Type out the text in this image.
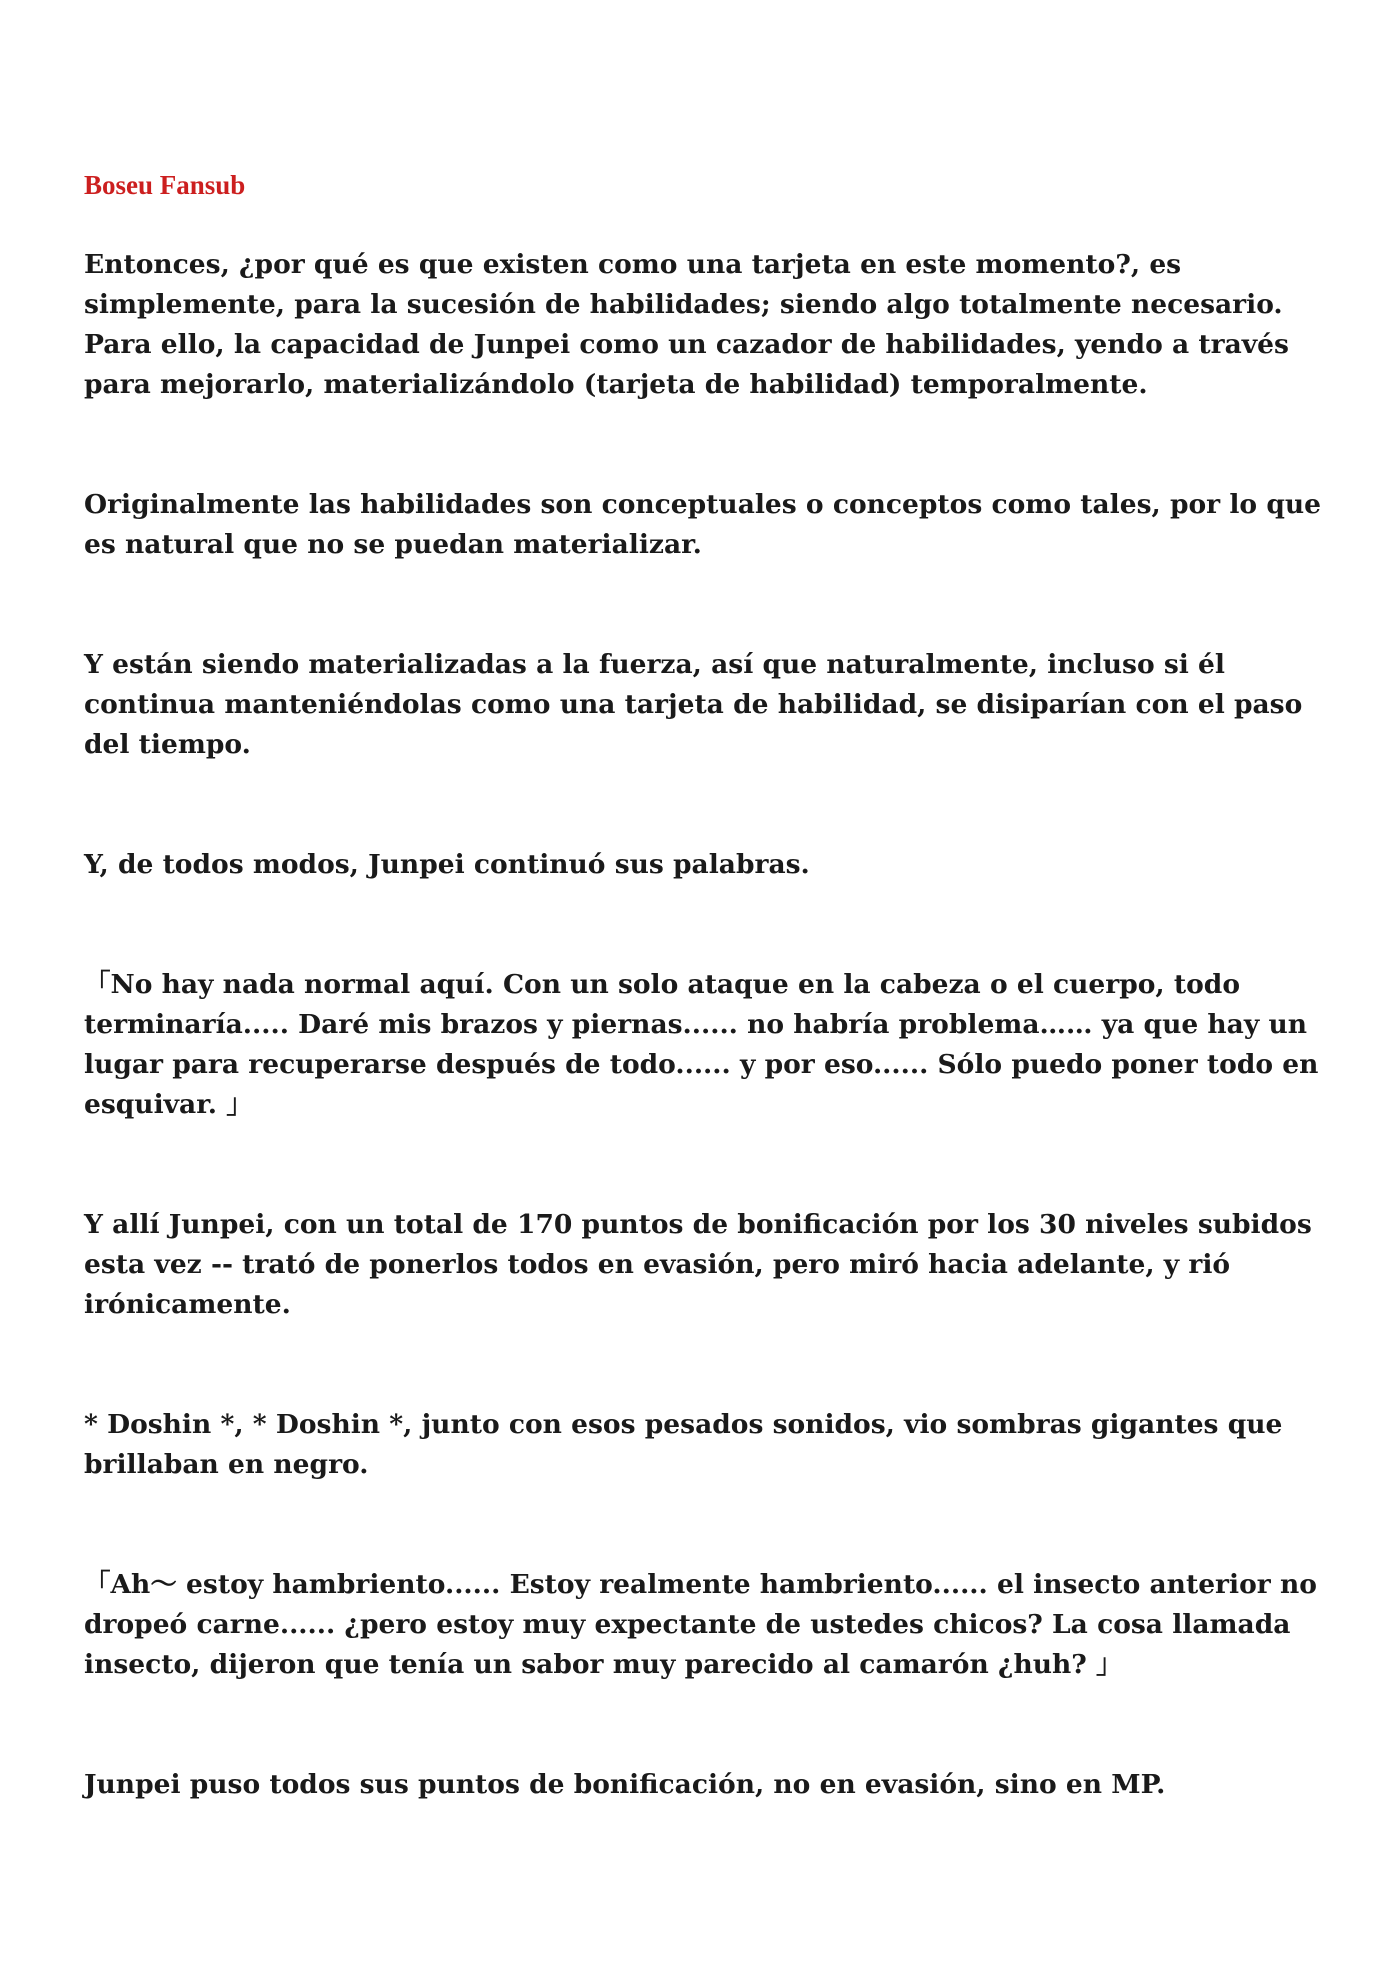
Boseu Fansub

Entonces, ¿por qué es que existen como una tarjeta en este momento?, es simplemente, para la sucesión de habilidades; siendo algo totalmente necesario. Para ello, la capacidad de Junpei como un cazador de habilidades, yendo a través para mejorarlo, materializándolo (tarjeta de habilidad) temporalmente.

Originalmente las habilidades son conceptuales o conceptos como tales, por lo que es natural que no se puedan materializar.

Y están siendo materializadas a la fuerza, así que naturalmente, incluso si él continua manteniéndolas como una tarjeta de habilidad, se disiparían con el paso del tiempo.

Y, de todos modos, Junpei continuó sus palabras.

「No hay nada normal aquí. Con un solo ataque en la cabeza o el cuerpo, todo terminaría..... Daré mis brazos y piernas...... no habría problema…… ya que hay un lugar para recuperarse después de todo...... y por eso...... Sólo puedo poner todo en esquivar. 」

Y allí Junpei, con un total de 170 puntos de bonificación por los 30 niveles subidos esta vez -- trató de ponerlos todos en evasión, pero miró hacia adelante, y rió irónicamente.

* Doshin *, * Doshin *, junto con esos pesados sonidos, vio sombras gigantes que brillaban en negro.

「Ah～ estoy hambriento...... Estoy realmente hambriento...... el insecto anterior no dropeó carne...... ¿pero estoy muy expectante de ustedes chicos? La cosa llamada insecto, dijeron que tenía un sabor muy parecido al camarón ¿huh? 」

Junpei puso todos sus puntos de bonificación, no en evasión, sino en MP.
